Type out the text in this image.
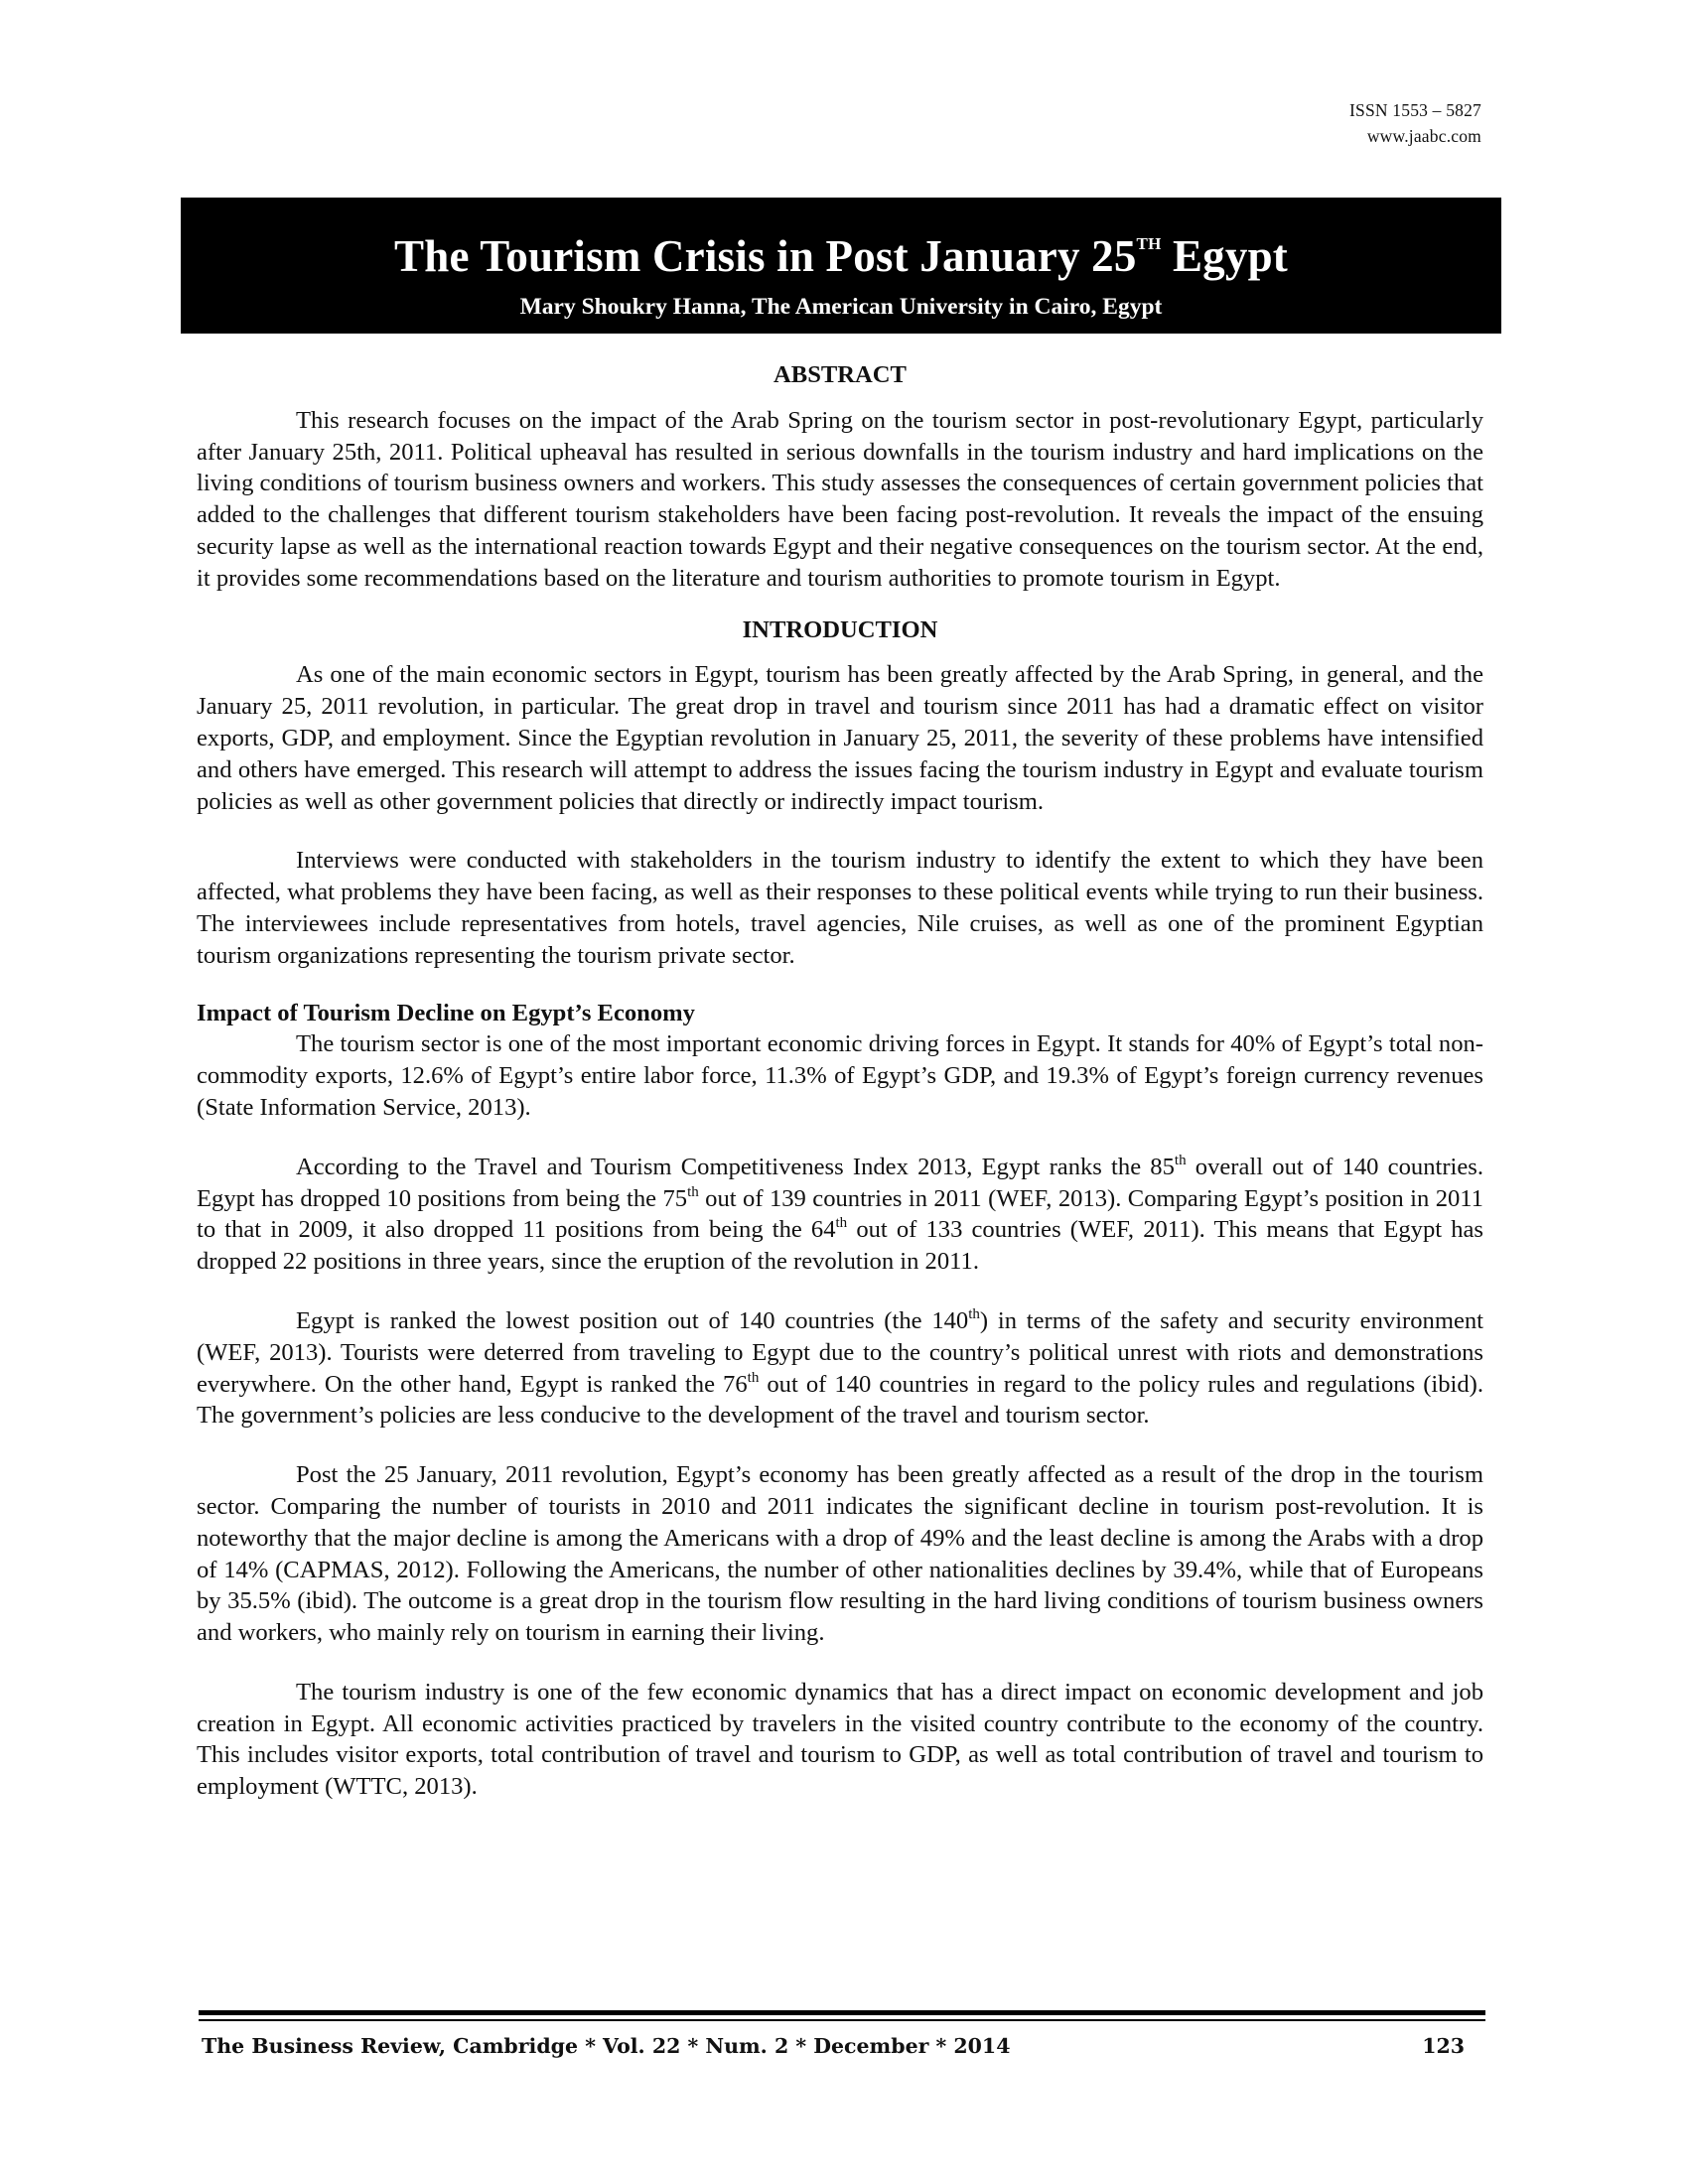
ISSN 1553 – 5827
www.jaabc.com
The Tourism Crisis in Post January 25TH Egypt
Mary Shoukry Hanna, The American University in Cairo, Egypt
ABSTRACT

This research focuses on the impact of the Arab Spring on the tourism sector in post-revolutionary Egypt, particularly after January 25th, 2011. Political upheaval has resulted in serious downfalls in the tourism industry and hard implications on the living conditions of tourism business owners and workers. This study assesses the consequences of certain government policies that added to the challenges that different tourism stakeholders have been facing post-revolution. It reveals the impact of the ensuing security lapse as well as the international reaction towards Egypt and their negative consequences on the tourism sector. At the end, it provides some recommendations based on the literature and tourism authorities to promote tourism in Egypt.

INTRODUCTION

As one of the main economic sectors in Egypt, tourism has been greatly affected by the Arab Spring, in general, and the January 25, 2011 revolution, in particular. The great drop in travel and tourism since 2011 has had a dramatic effect on visitor exports, GDP, and employment. Since the Egyptian revolution in January 25, 2011, the severity of these problems have intensified and others have emerged. This research will attempt to address the issues facing the tourism industry in Egypt and evaluate tourism policies as well as other government policies that directly or indirectly impact tourism.

Interviews were conducted with stakeholders in the tourism industry to identify the extent to which they have been affected, what problems they have been facing, as well as their responses to these political events while trying to run their business. The interviewees include representatives from hotels, travel agencies, Nile cruises, as well as one of the prominent Egyptian tourism organizations representing the tourism private sector.

Impact of Tourism Decline on Egypt’s Economy

The tourism sector is one of the most important economic driving forces in Egypt. It stands for 40% of Egypt’s total non-commodity exports, 12.6% of Egypt’s entire labor force, 11.3% of Egypt’s GDP, and 19.3% of Egypt’s foreign currency revenues (State Information Service, 2013).

According to the Travel and Tourism Competitiveness Index 2013, Egypt ranks the 85th overall out of 140 countries. Egypt has dropped 10 positions from being the 75th out of 139 countries in 2011 (WEF, 2013). Comparing Egypt’s position in 2011 to that in 2009, it also dropped 11 positions from being the 64th out of 133 countries (WEF, 2011). This means that Egypt has dropped 22 positions in three years, since the eruption of the revolution in 2011.

Egypt is ranked the lowest position out of 140 countries (the 140th) in terms of the safety and security environment (WEF, 2013). Tourists were deterred from traveling to Egypt due to the country’s political unrest with riots and demonstrations everywhere. On the other hand, Egypt is ranked the 76th out of 140 countries in regard to the policy rules and regulations (ibid). The government’s policies are less conducive to the development of the travel and tourism sector.

Post the 25 January, 2011 revolution, Egypt’s economy has been greatly affected as a result of the drop in the tourism sector. Comparing the number of tourists in 2010 and 2011 indicates the significant decline in tourism post-revolution. It is noteworthy that the major decline is among the Americans with a drop of 49% and the least decline is among the Arabs with a drop of 14% (CAPMAS, 2012). Following the Americans, the number of other nationalities declines by 39.4%, while that of Europeans by 35.5% (ibid). The outcome is a great drop in the tourism flow resulting in the hard living conditions of tourism business owners and workers, who mainly rely on tourism in earning their living.

The tourism industry is one of the few economic dynamics that has a direct impact on economic development and job creation in Egypt. All economic activities practiced by travelers in the visited country contribute to the economy of the country. This includes visitor exports, total contribution of travel and tourism to GDP, as well as total contribution of travel and tourism to employment (WTTC, 2013).

The Business Review, Cambridge * Vol. 22 * Num. 2 * December * 2014	123
